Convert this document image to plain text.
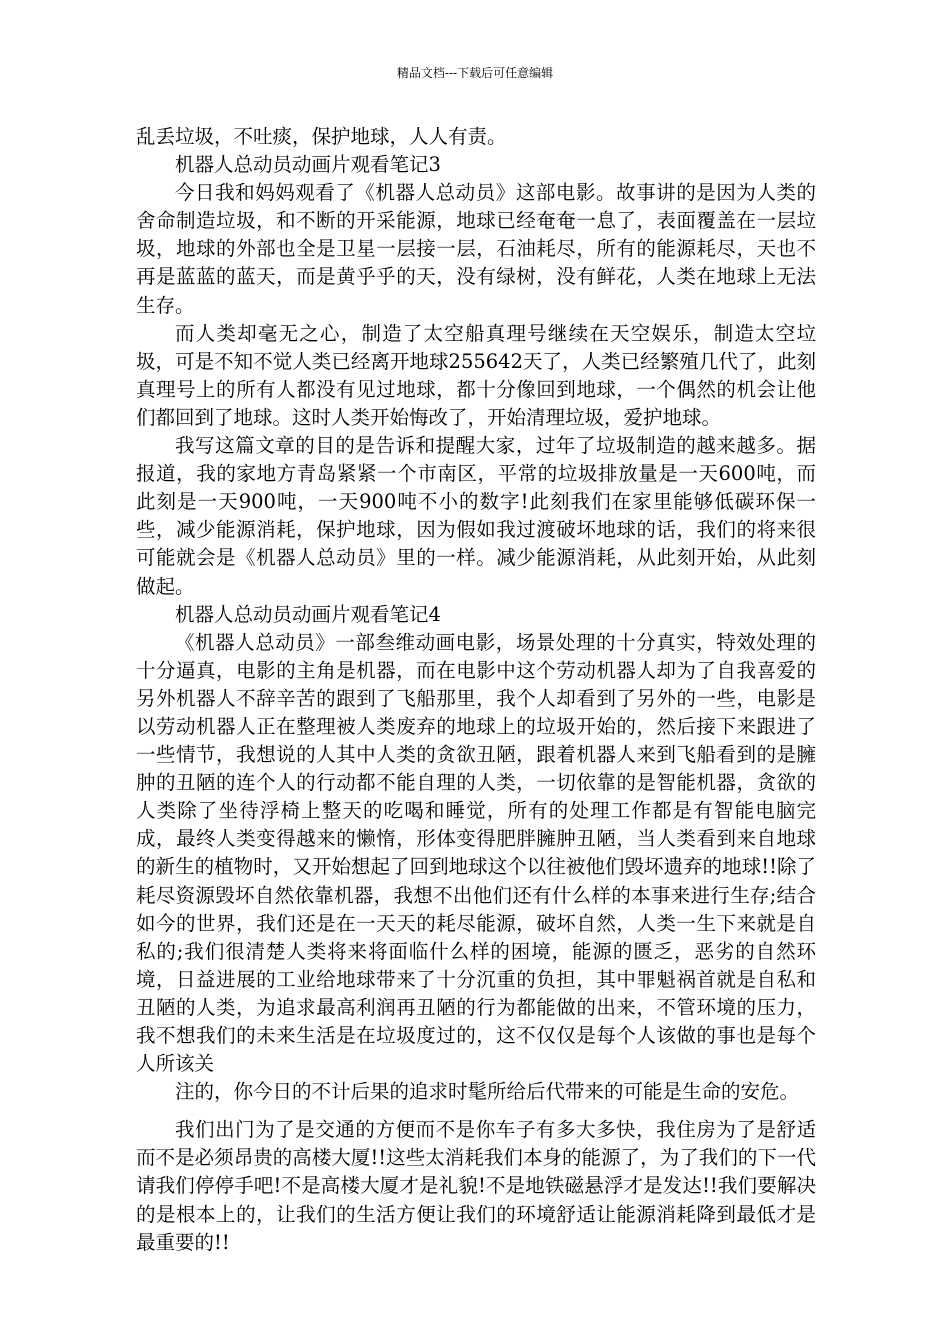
精品文档---下载后可任意编辑

乱丢垃圾，不吐痰，保护地球，人人有责。

机器人总动员动画片观看笔记3

今日我和妈妈观看了《机器人总动员》这部电影。故事讲的是因为人类的舍命制造垃圾，和不断的开采能源，地球已经奄奄一息了，表面覆盖在一层垃圾，地球的外部也全是卫星一层接一层，石油耗尽，所有的能源耗尽，天也不再是蓝蓝的蓝天，而是黄乎乎的天，没有绿树，没有鲜花，人类在地球上无法生存。

而人类却毫无之心，制造了太空船真理号继续在天空娱乐，制造太空垃圾，可是不知不觉人类已经离开地球255642天了，人类已经繁殖几代了，此刻真理号上的所有人都没有见过地球，都十分像回到地球，一个偶然的机会让他们都回到了地球。这时人类开始悔改了，开始清理垃圾，爱护地球。

我写这篇文章的目的是告诉和提醒大家，过年了垃圾制造的越来越多。据报道，我的家地方青岛紧紧一个市南区，平常的垃圾排放量是一天600吨，而此刻是一天900吨，一天900吨不小的数字!此刻我们在家里能够低碳环保一些，减少能源消耗，保护地球，因为假如我过渡破坏地球的话，我们的将来很可能就会是《机器人总动员》里的一样。减少能源消耗，从此刻开始，从此刻做起。

机器人总动员动画片观看笔记4

《机器人总动员》一部叁维动画电影，场景处理的十分真实，特效处理的十分逼真，电影的主角是机器，而在电影中这个劳动机器人却为了自我喜爱的另外机器人不辞辛苦的跟到了飞船那里，我个人却看到了另外的一些，电影是以劳动机器人正在整理被人类废弃的地球上的垃圾开始的，然后接下来跟进了一些情节，我想说的人其中人类的贪欲丑陋，跟着机器人来到飞船看到的是臃肿的丑陋的连个人的行动都不能自理的人类，一切依靠的是智能机器，贪欲的人类除了坐待浮椅上整天的吃喝和睡觉，所有的处理工作都是有智能电脑完成，最终人类变得越来的懒惰，形体变得肥胖臃肿丑陋，当人类看到来自地球的新生的植物时，又开始想起了回到地球这个以往被他们毁坏遗弃的地球!!除了耗尽资源毁坏自然依靠机器，我想不出他们还有什么样的本事来进行生存;结合如今的世界，我们还是在一天天的耗尽能源，破坏自然，人类一生下来就是自私的;我们很清楚人类将来将面临什么样的困境，能源的匮乏，恶劣的自然环境，日益进展的工业给地球带来了十分沉重的负担，其中罪魁祸首就是自私和丑陋的人类，为追求最高利润再丑陋的行为都能做的出来，不管环境的压力，我不想我们的未来生活是在垃圾度过的，这不仅仅是每个人该做的事也是每个人所该关

注的，你今日的不计后果的追求时髦所给后代带来的可能是生命的安危。

我们出门为了是交通的方便而不是你车子有多大多快，我住房为了是舒适而不是必须昂贵的高楼大厦!!这些太消耗我们本身的能源了，为了我们的下一代请我们停停手吧!不是高楼大厦才是礼貌!不是地铁磁悬浮才是发达!!我们要解决的是根本上的，让我们的生活方便让我们的环境舒适让能源消耗降到最低才是最重要的!!
